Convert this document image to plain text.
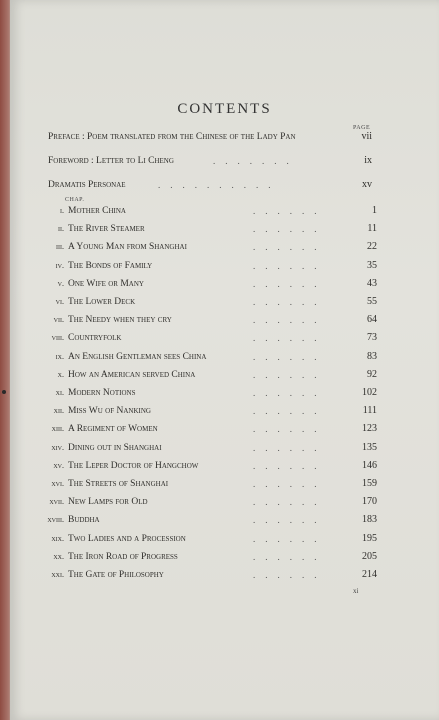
CONTENTS
PAGE
Preface : Poem translated from the Chinese of the Lady Pan	vii
Foreword : Letter to Li Cheng	.......	ix
Dramatis Personae	..........	xv
CHAP.
i. Mother China	......	1
ii. The River Steamer	......	11
iii. A Young Man from Shanghai	......	22
iv. The Bonds of Family	......	35
v. One Wife or Many	......	43
vi. The Lower Deck	......	55
vii. The Needy when they cry	......	64
viii. Countryfolk	......	73
ix. An English Gentleman sees China	......	83
x. How an American served China	......	92
xi. Modern Notions	......	102
xii. Miss Wu of Nanking	......	111
xiii. A Regiment of Women	......	123
xiv. Dining out in Shanghai	......	135
xv. The Leper Doctor of Hangchow	......	146
xvi. The Streets of Shanghai	......	159
xvii. New Lamps for Old	......	170
xviii. Buddha	......	183
xix. Two Ladies and a Procession	......	195
xx. The Iron Road of Progress	......	205
xxi. The Gate of Philosophy	......	214
xi
